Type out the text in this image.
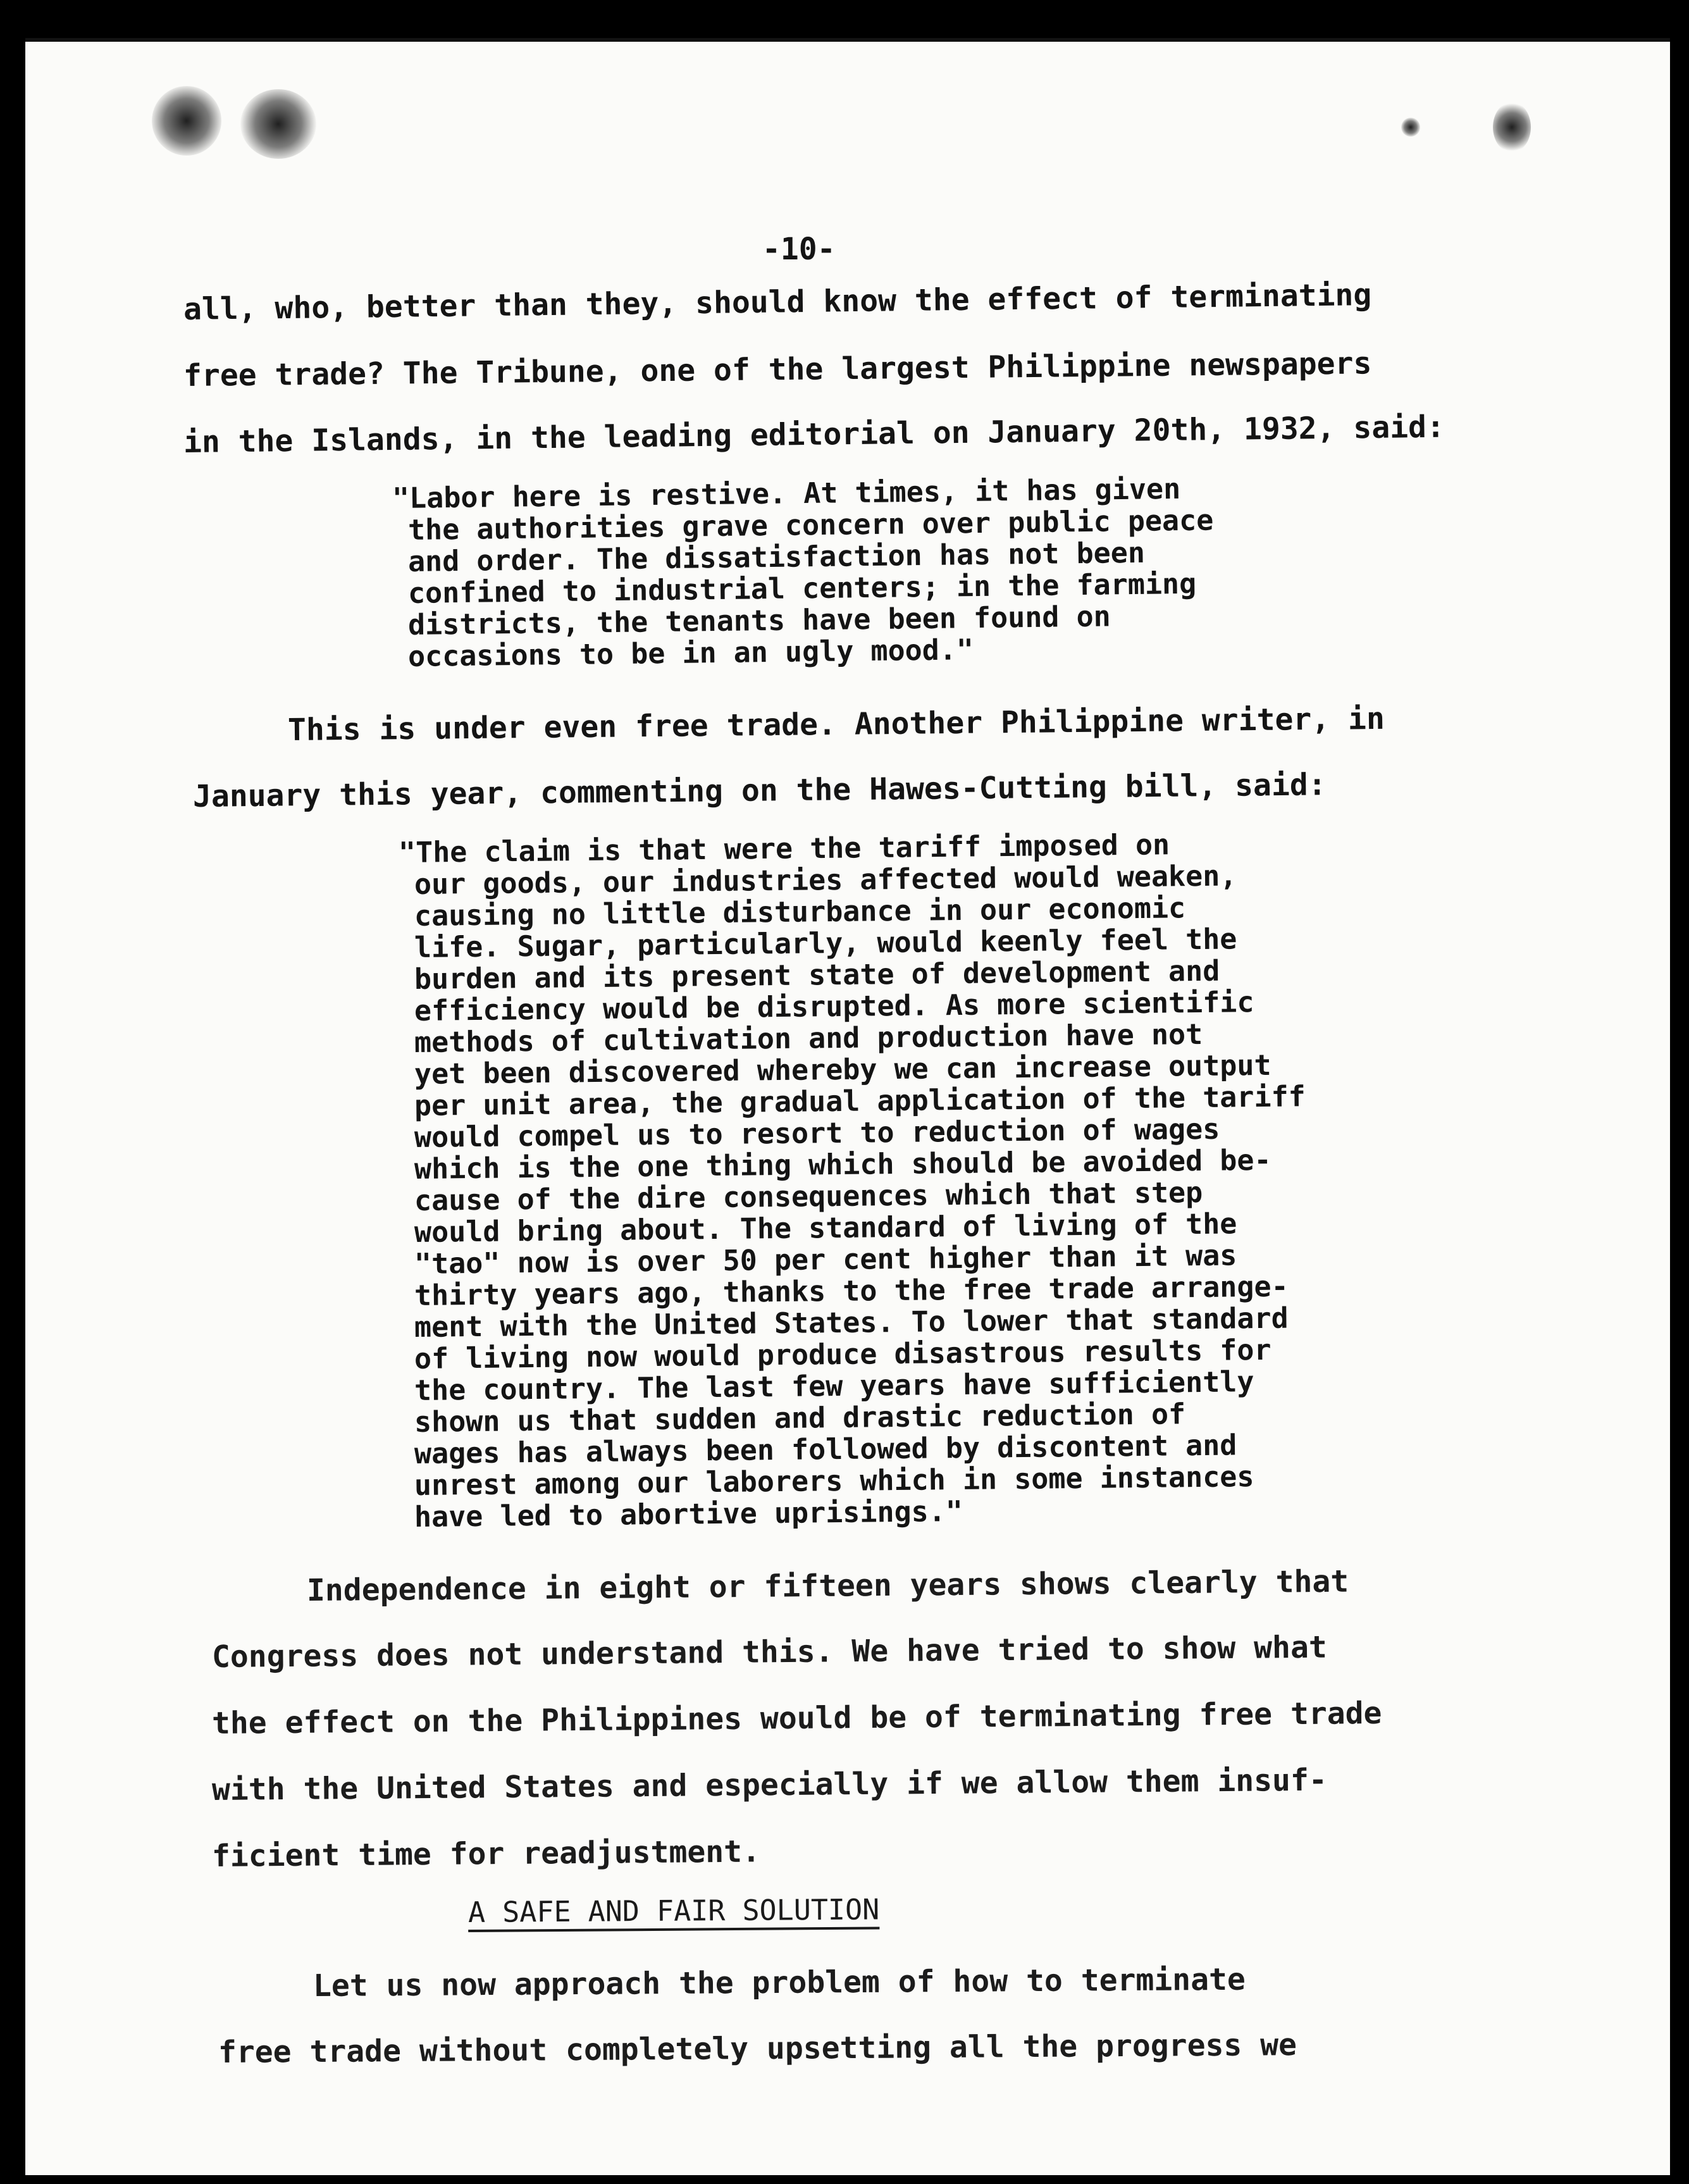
-10-

all, who, better than they, should know the effect of terminating

free trade? The Tribune, one of the largest Philippine newspapers

in the Islands, in the leading editorial on January 20th, 1932, said:

"Labor here is restive. At times, it has given

the authorities grave concern over public peace

and order. The dissatisfaction has not been

confined to industrial centers; in the farming

districts, the tenants have been found on

occasions to be in an ugly mood."

This is under even free trade. Another Philippine writer, in

January this year, commenting on the Hawes-Cutting bill, said:

"The claim is that were the tariff imposed on

our goods, our industries affected would weaken,

causing no little disturbance in our economic

life. Sugar, particularly, would keenly feel the

burden and its present state of development and

efficiency would be disrupted. As more scientific

methods of cultivation and production have not

yet been discovered whereby we can increase output

per unit area, the gradual application of the tariff

would compel us to resort to reduction of wages

which is the one thing which should be avoided be-

cause of the dire consequences which that step

would bring about. The standard of living of the

"tao" now is over 50 per cent higher than it was

thirty years ago, thanks to the free trade arrange-

ment with the United States. To lower that standard

of living now would produce disastrous results for

the country. The last few years have sufficiently

shown us that sudden and drastic reduction of

wages has always been followed by discontent and

unrest among our laborers which in some instances

have led to abortive uprisings."

Independence in eight or fifteen years shows clearly that

Congress does not understand this. We have tried to show what

the effect on the Philippines would be of terminating free trade

with the United States and especially if we allow them insuf-

ficient time for readjustment.

A SAFE AND FAIR SOLUTION

Let us now approach the problem of how to terminate

free trade without completely upsetting all the progress we
